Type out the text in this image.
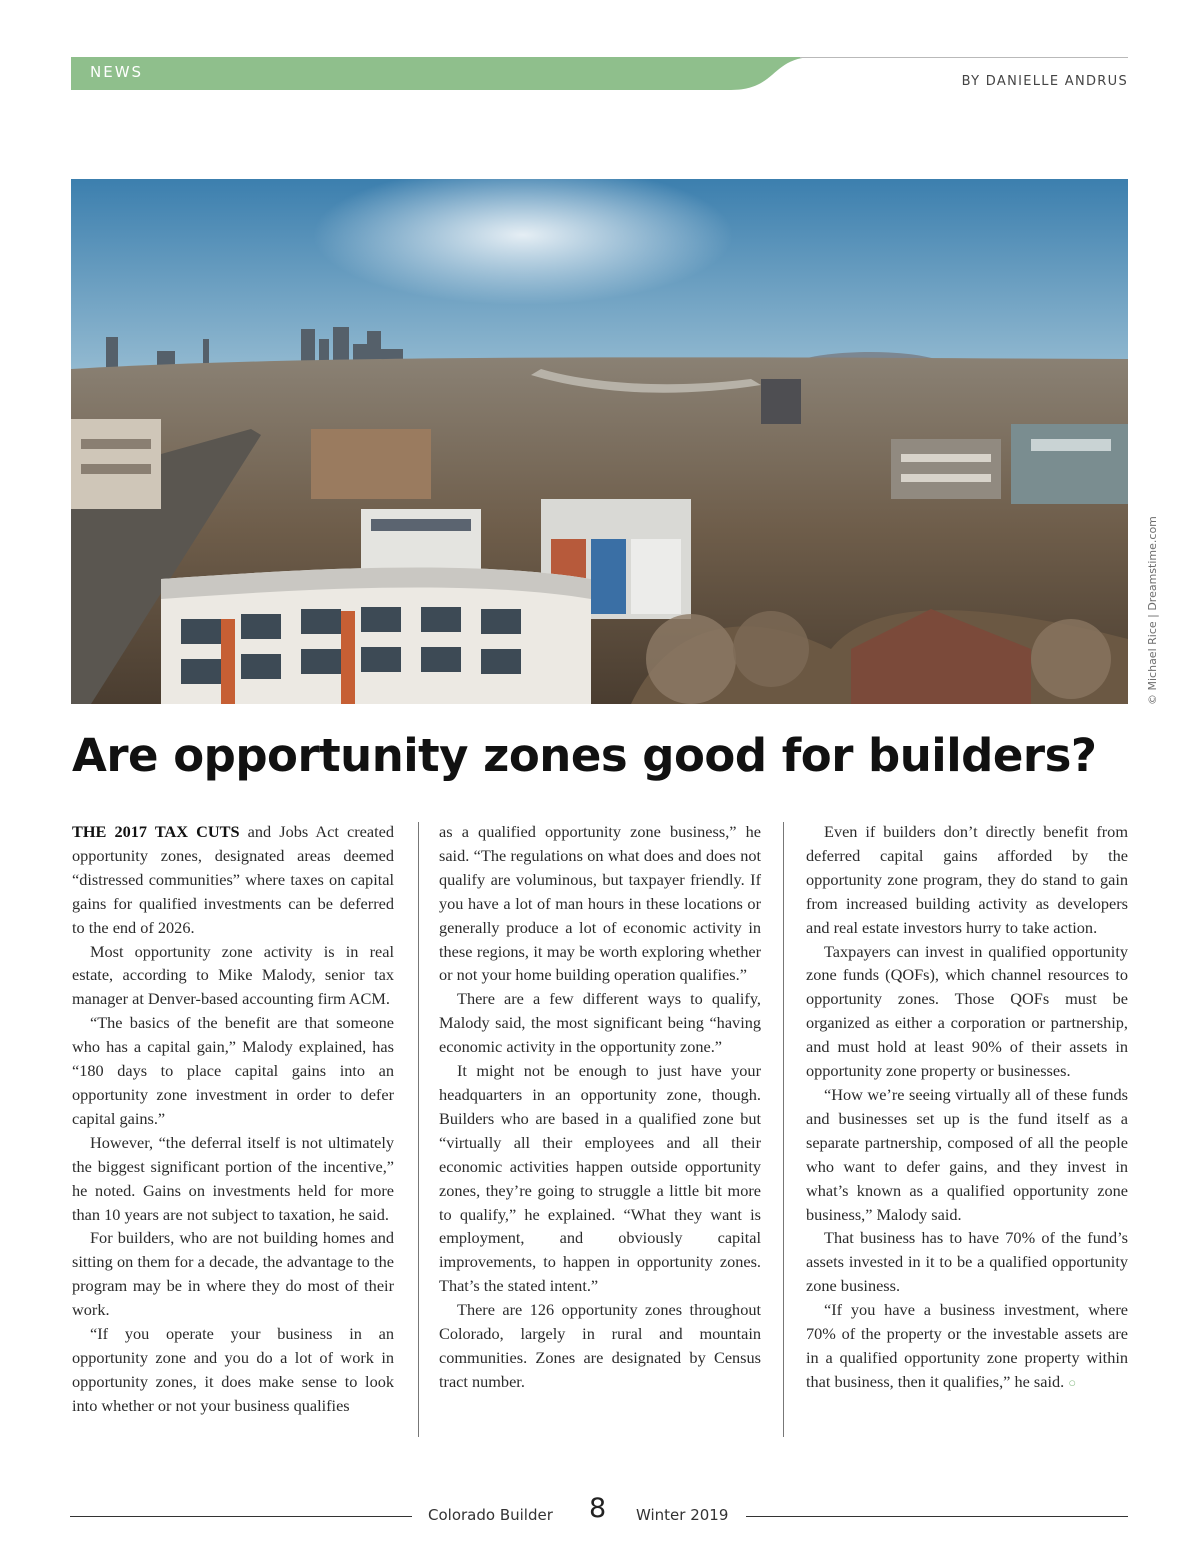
NEWS
BY DANIELLE ANDRUS
© Michael Rice | Dreamstime.com
Are opportunity zones good for builders?

THE 2017 TAX CUTS and Jobs Act created opportunity zones, designated areas deemed “distressed communities” where taxes on capital gains for qualified investments can be deferred to the end of 2026.

Most opportunity zone activity is in real estate, according to Mike Malody, senior tax manager at Denver-based accounting firm ACM.

“The basics of the benefit are that someone who has a capital gain,” Malody explained, has “180 days to place capital gains into an opportunity zone investment in order to defer capital gains.”

However, “the deferral itself is not ultimately the biggest significant portion of the incentive,” he noted. Gains on investments held for more than 10 years are not subject to taxation, he said.

For builders, who are not building homes and sitting on them for a decade, the advantage to the program may be in where they do most of their work.

“If you operate your business in an opportunity zone and you do a lot of work in opportunity zones, it does make sense to look into whether or not your business qualifies

as a qualified opportunity zone business,” he said. “The regulations on what does and does not qualify are voluminous, but taxpayer friendly. If you have a lot of man hours in these locations or generally produce a lot of economic activity in these regions, it may be worth exploring whether or not your home building operation qualifies.”

There are a few different ways to qualify, Malody said, the most significant being “having economic activity in the opportunity zone.”

It might not be enough to just have your headquarters in an opportunity zone, though. Builders who are based in a qualified zone but “virtually all their employees and all their economic activities happen outside opportunity zones, they’re going to struggle a little bit more to qualify,” he explained. “What they want is employment, and obviously capital improvements, to happen in opportunity zones. That’s the stated intent.”

There are 126 opportunity zones throughout Colorado, largely in rural and mountain communities. Zones are designated by Census tract number.

Even if builders don’t directly benefit from deferred capital gains afforded by the opportunity zone program, they do stand to gain from increased building activity as developers and real estate investors hurry to take action.

Taxpayers can invest in qualified opportunity zone funds (QOFs), which channel resources to opportunity zones. Those QOFs must be organized as either a corporation or partnership, and must hold at least 90% of their assets in opportunity zone property or businesses.

“How we’re seeing virtually all of these funds and businesses set up is the fund itself as a separate partnership, composed of all the people who want to defer gains, and they invest in what’s known as a qualified opportunity zone business,” Malody said.

That business has to have 70% of the fund’s assets invested in it to be a qualified opportunity zone business.

“If you have a business investment, where 70% of the property or the investable assets are in a qualified opportunity zone property within that business, then it qualifies,” he said. ○

Colorado Builder 8 Winter 2019
